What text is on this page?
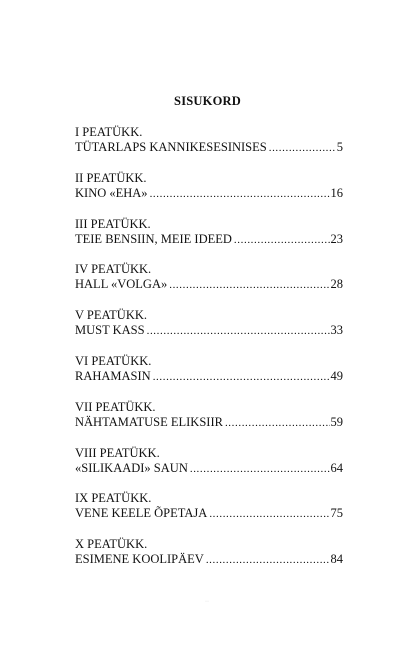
SISUKORD
I PEATÜKK.
TÜTARLAPS KANNIKESESINISES .....	5
II PEATÜKK.
KINO «EHA» .....	16
III PEATÜKK.
TEIE BENSIIN, MEIE IDEED .....	23
IV PEATÜKK.
HALL «VOLGA» .....	28
V PEATÜKK.
MUST KASS .....	33
VI PEATÜKK.
RAHAMASIN .....	49
VII PEATÜKK.
NÄHTAMATUSE ELIKSIIR .....	59
VIII PEATÜKK.
«SILIKAADI» SAUN .....	64
IX PEATÜKK.
VENE KEELE ÕPETAJA .....	75
X PEATÜKK.
ESIMENE KOOLIPÄEV .....	84
··
